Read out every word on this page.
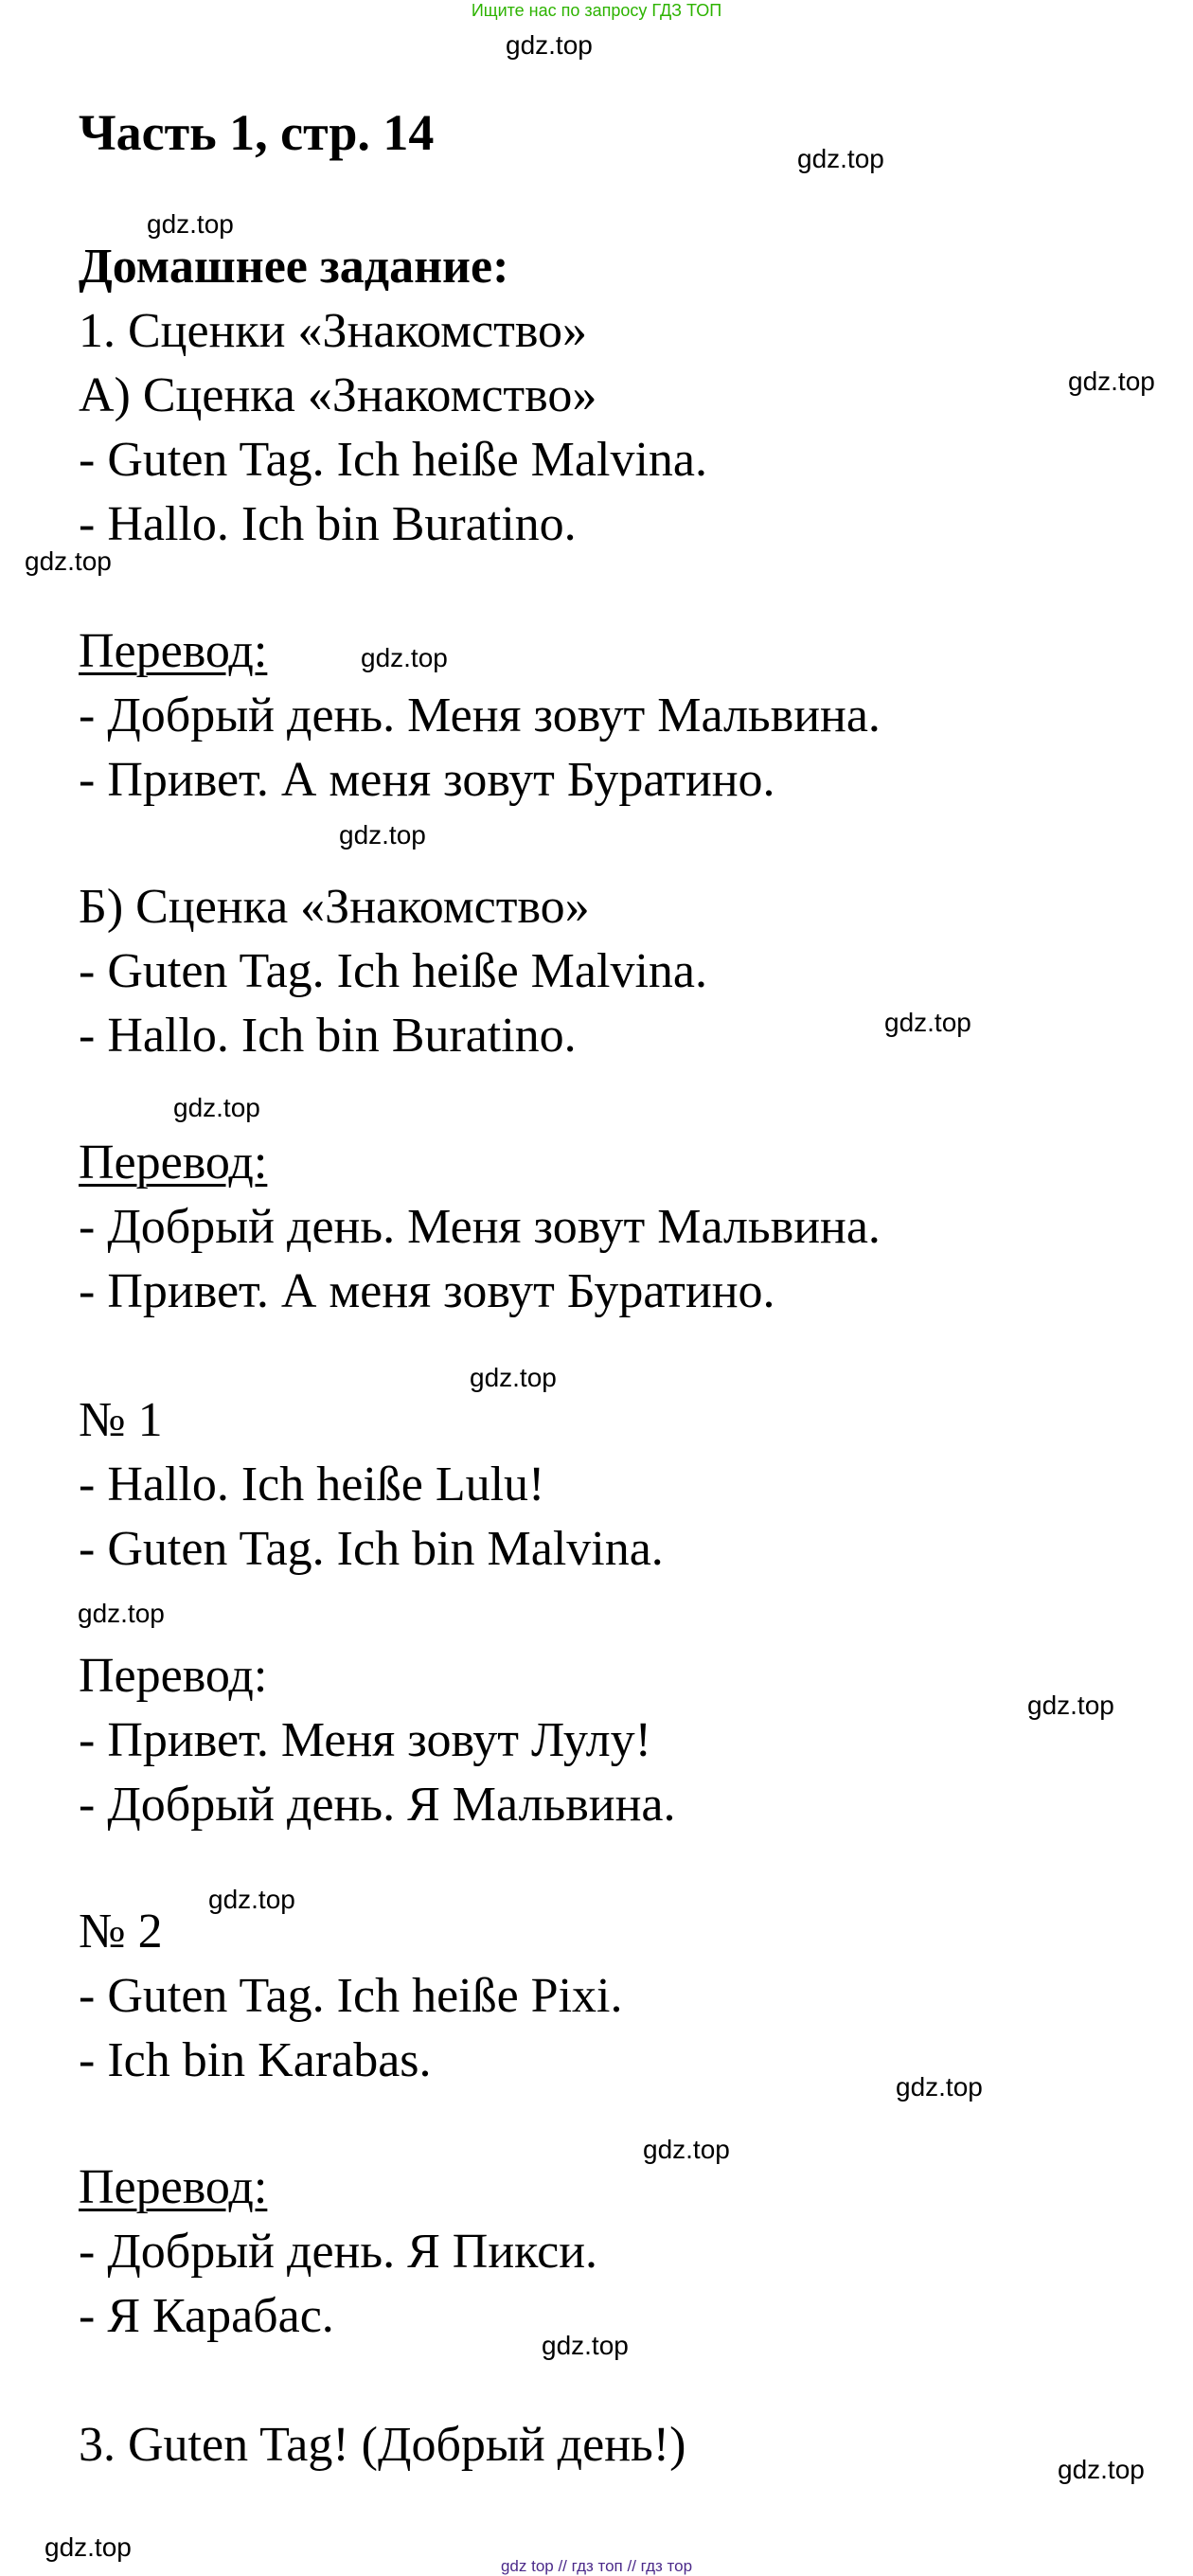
Ищите нас по запросу ГДЗ ТОП
gdz.top
gdz.top
gdz.top
gdz.top
gdz.top
gdz.top
gdz.top
gdz.top
gdz.top
gdz.top
gdz.top
gdz.top
gdz.top
gdz.top
gdz.top
gdz.top
gdz.top
gdz.top
Часть 1, стр. 14
Домашнее задание:
1. Сценки «Знакомство»
А) Сценка «Знакомство»
- Guten Tag. Ich heiße Malvina.
- Hallo. Ich bin Buratino.
Перевод:
- Добрый день. Меня зовут Мальвина.
- Привет. А меня зовут Буратино.
Б) Сценка «Знакомство»
- Guten Tag. Ich heiße Malvina.
- Hallo. Ich bin Buratino.
Перевод:
- Добрый день. Меня зовут Мальвина.
- Привет. А меня зовут Буратино.
№ 1
- Hallo. Ich heiße Lulu!
- Guten Tag. Ich bin Malvina.
Перевод:
- Привет. Меня зовут Лулу!
- Добрый день. Я Мальвина.
№ 2
- Guten Tag. Ich heiße Pixi.
- Ich bin Karabas.
Перевод:
- Добрый день. Я Пикси.
- Я Карабас.
3. Guten Tag! (Добрый день!)
gdz top // гдз топ // гдз тор
